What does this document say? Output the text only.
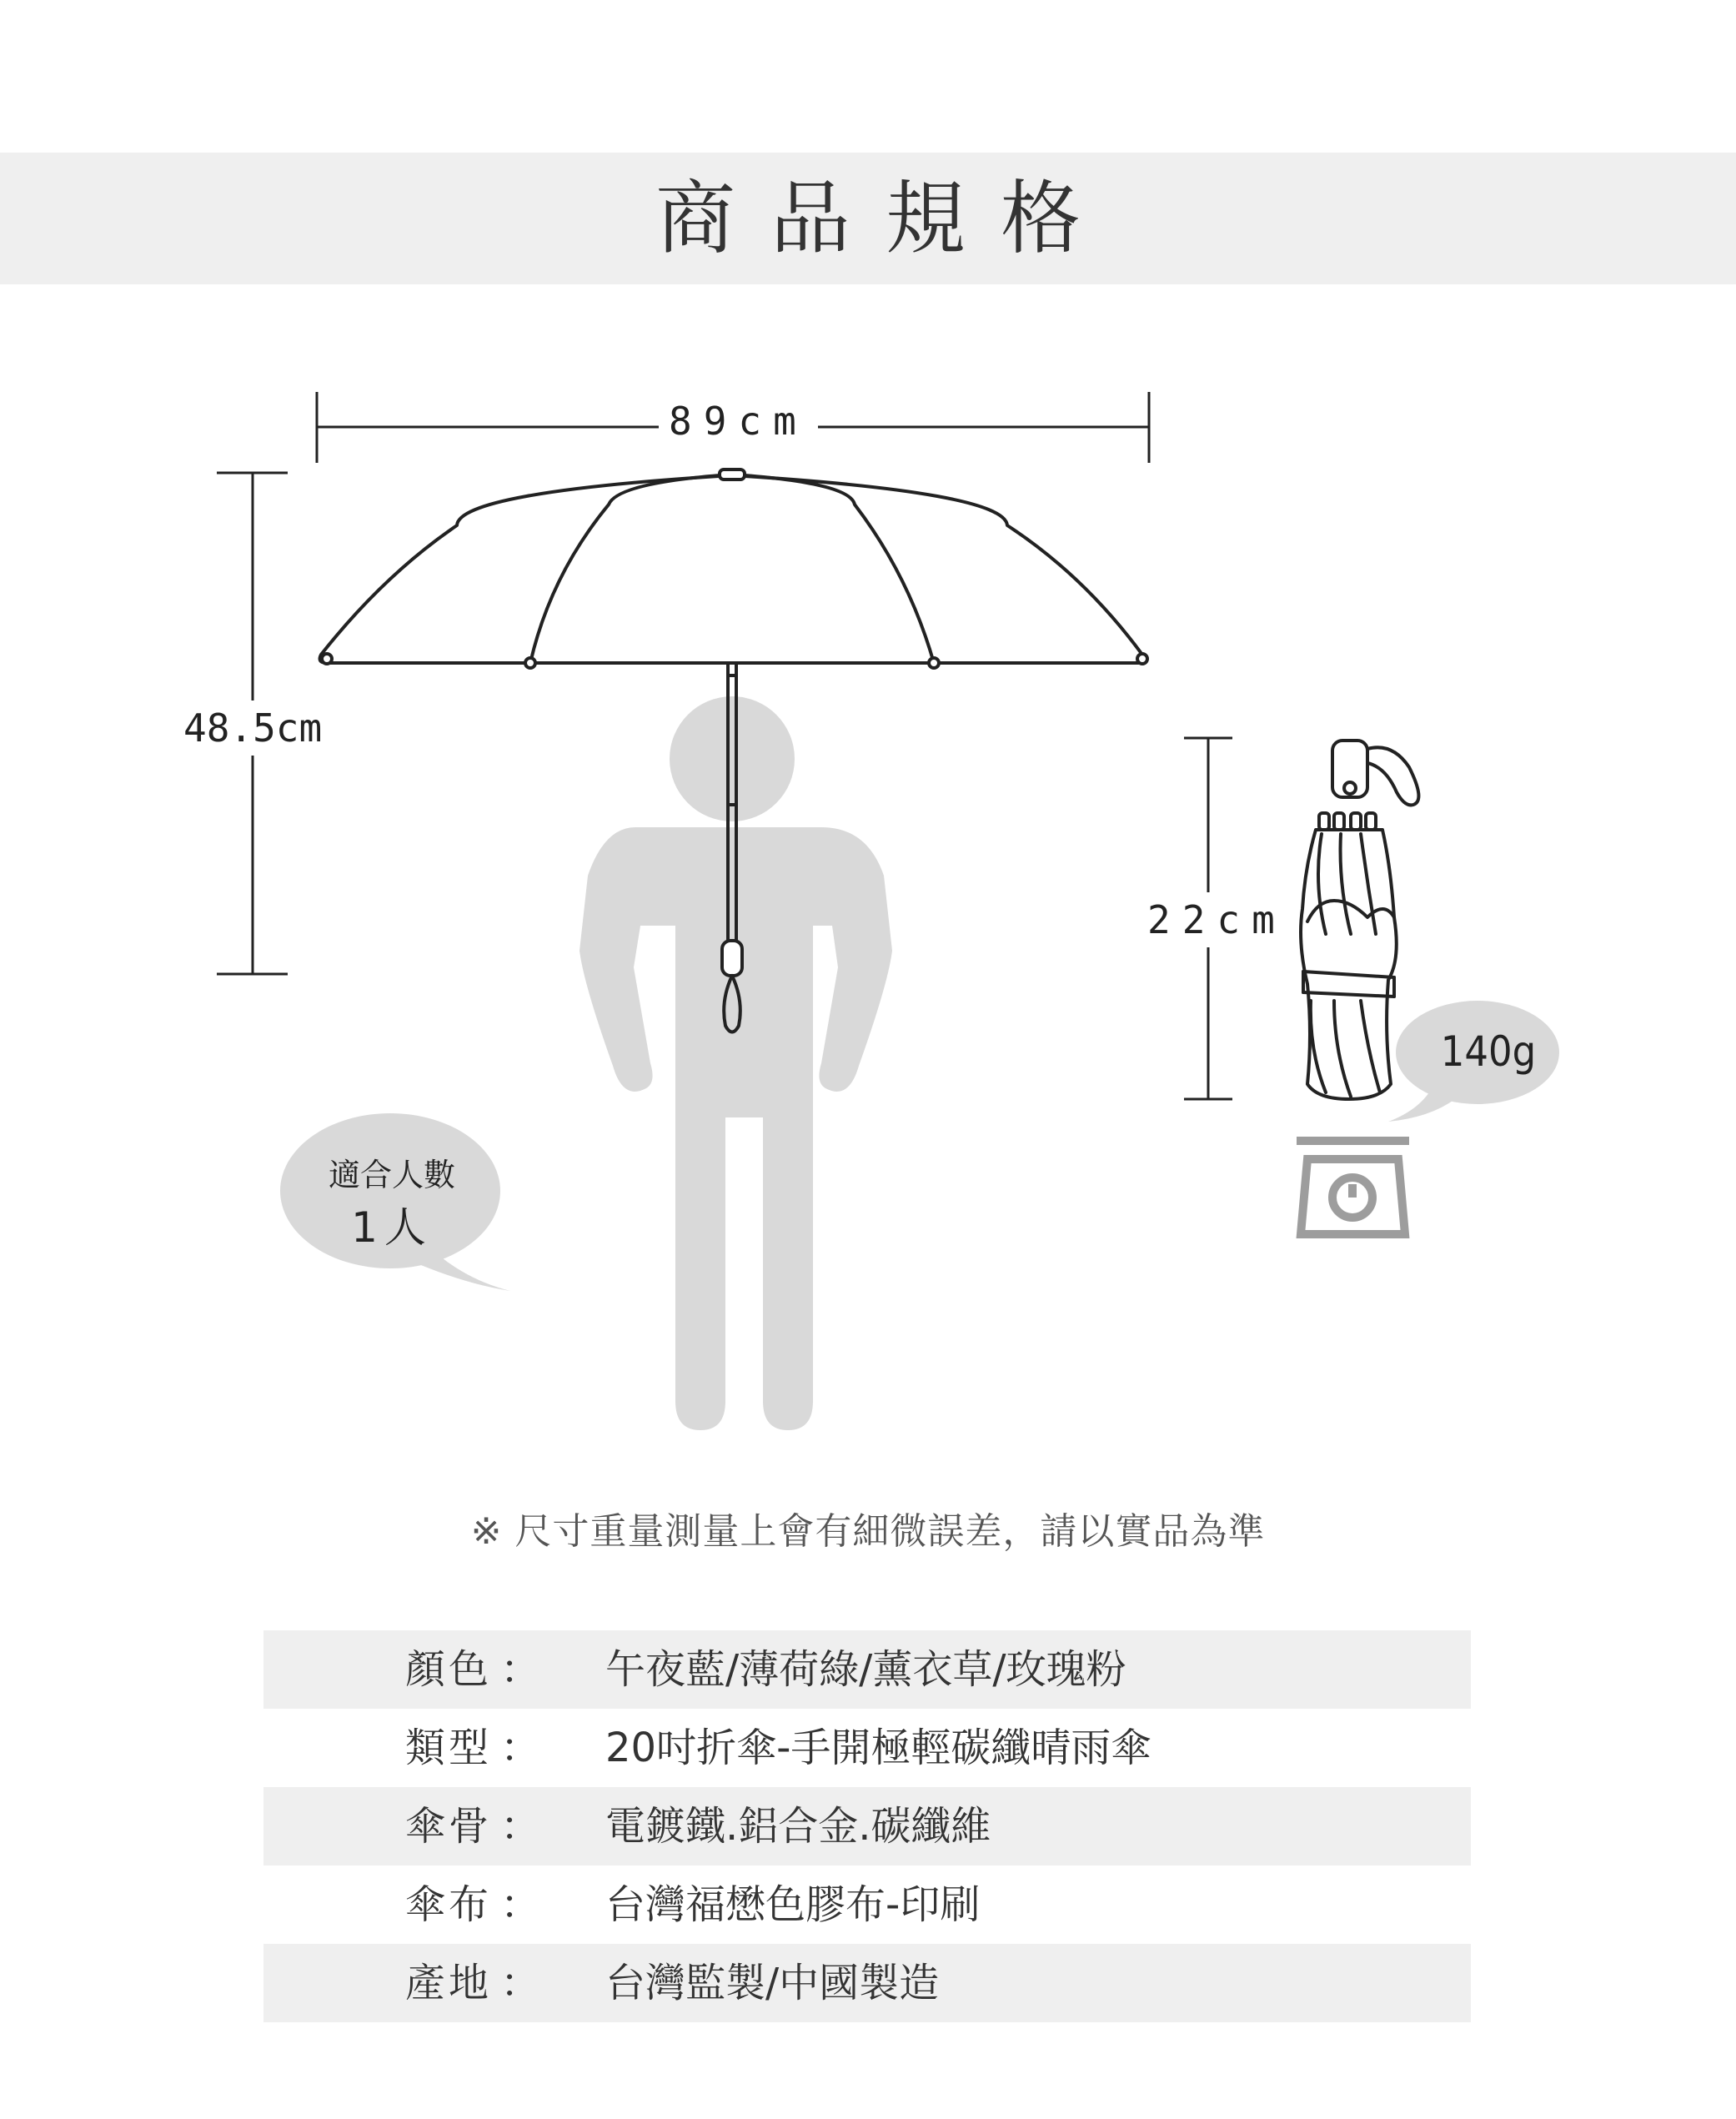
商品規格
89cm
48.5cm
22cm
適合人數
1人
140g
※ 尺寸重量測量上會有細微誤差，請以實品為準
顏色 ： 午夜藍/薄荷綠/薰衣草/玫瑰粉
類型 ： 20吋折傘-手開極輕碳纖晴雨傘
傘骨 ： 電鍍鐵.鋁合金.碳纖維
傘布 ： 台灣福懋色膠布-印刷
產地 ： 台灣監製/中國製造
